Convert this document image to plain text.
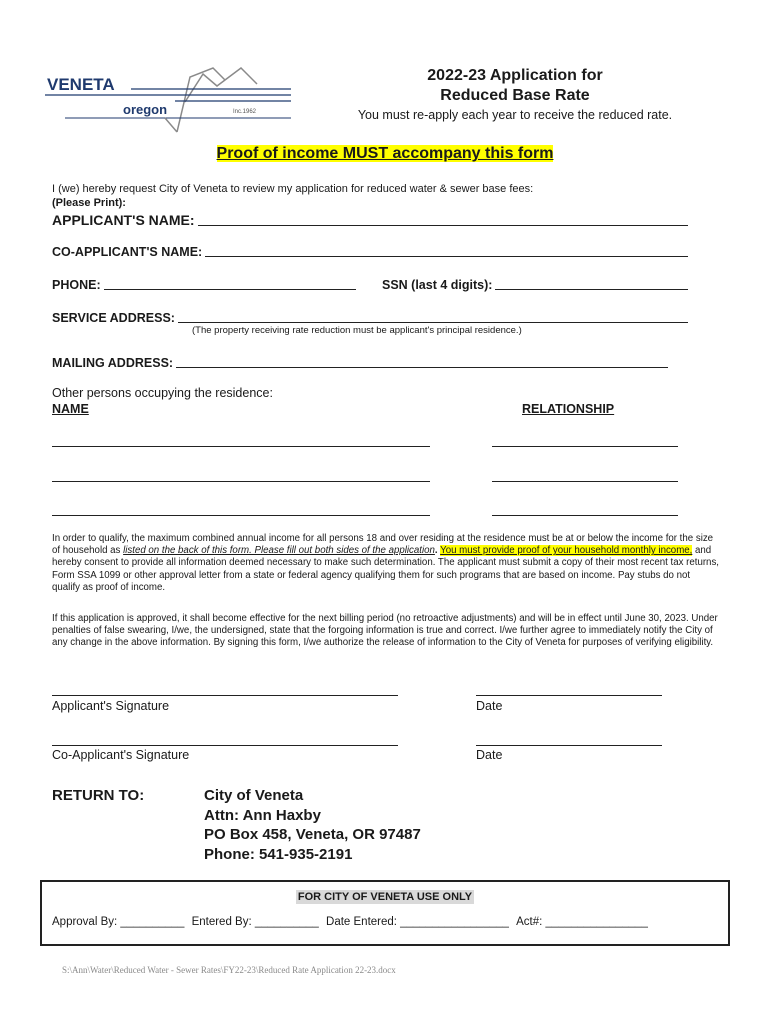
VENETA
oregon	Inc.1962
2022-23 Application for
Reduced Base Rate
You must re-apply each year to receive the reduced rate.
Proof of income MUST accompany this form
I (we) hereby request City of Veneta to review my application for reduced water & sewer base fees:
(Please Print):
APPLICANT'S NAME:
CO-APPLICANT'S NAME:
PHONE:	SSN (last 4 digits):
SERVICE ADDRESS:
(The property receiving rate reduction must be applicant's principal residence.)
MAILING ADDRESS:
Other persons occupying the residence:
NAME	RELATIONSHIP
In order to qualify, the maximum combined annual income for all persons 18 and over residing at the residence must be at or below the income for the size of household as listed on the back of this form. Please fill out both sides of the application. You must provide proof of your household monthly income, and hereby consent to provide all information deemed necessary to make such determination. The applicant must submit a copy of their most recent tax returns, Form SSA 1099 or other approval letter from a state or federal agency qualifying them for such programs that are based on income. Pay stubs do not qualify as proof of income.
If this application is approved, it shall become effective for the next billing period (no retroactive adjustments) and will be in effect until June 30, 2023. Under penalties of false swearing, I/we, the undersigned, state that the forgoing information is true and correct. I/we further agree to immediately notify the City of any change in the above information. By signing this form, I/we authorize the release of information to the City of Veneta for purposes of verifying eligibility.
Applicant's Signature	Date
Co-Applicant's Signature	Date
RETURN TO:	City of Veneta
Attn: Ann Haxby
PO Box 458, Veneta, OR 97487
Phone: 541-935-2191
FOR CITY OF VENETA USE ONLY
Approval By: __________ Entered By: __________ Date Entered: _________________ Act#: ________________
S:\Ann\Water\Reduced Water - Sewer Rates\FY22-23\Reduced Rate Application 22-23.docx
